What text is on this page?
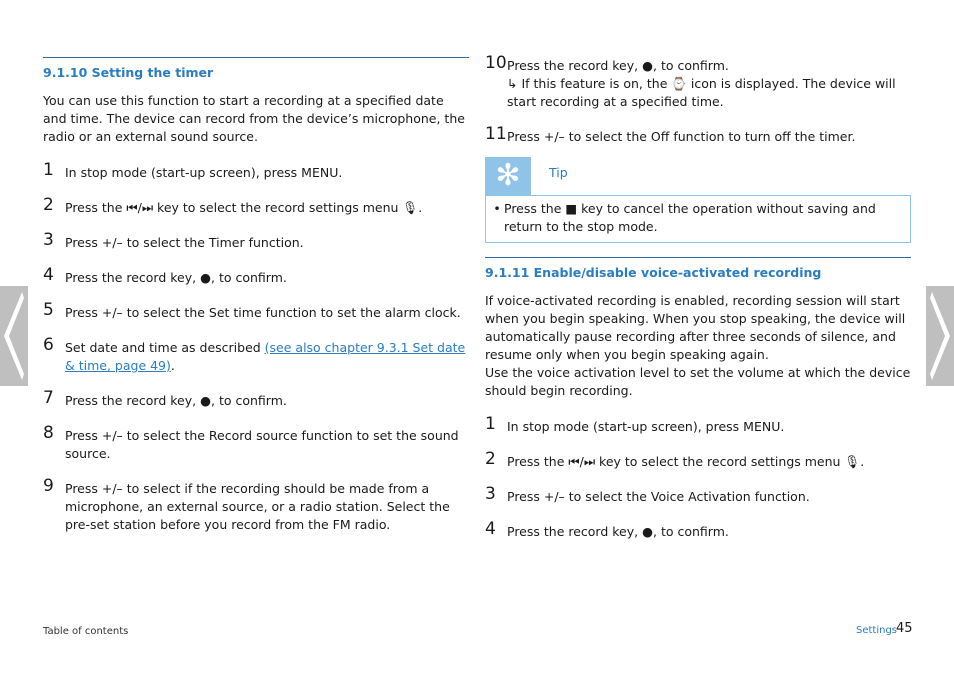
9.1.10 Setting the timer

You can use this function to start a recording at a specified date and time. The device can record from the device’s microphone, the radio or an external sound source.

1 In stop mode (start-up screen), press MENU.
2 Press the ⏮/⏭ key to select the record settings menu 🎙.
3 Press +/– to select the Timer function.
4 Press the record key, ●, to confirm.
5 Press +/– to select the Set time function to set the alarm clock.
6 Set date and time as described (see also chapter 9.3.1 Set date & time, page 49).
7 Press the record key, ●, to confirm.
8 Press +/– to select the Record source function to set the sound source.
9 Press +/– to select if the recording should be made from a microphone, an external source, or a radio station. Select the pre-set station before you record from the FM radio.
10 Press the record key, ●, to confirm.
↳ If this feature is on, the ⌚ icon is displayed. The device will start recording at a specified time.
11 Press +/– to select the Off function to turn off the timer.
✻	Tip
• Press the ■ key to cancel the operation without saving and return to the stop mode.
9.1.11 Enable/disable voice-activated recording

If voice-activated recording is enabled, recording session will start when you begin speaking. When you stop speaking, the device will automatically pause recording after three seconds of silence, and resume only when you begin speaking again.

Use the voice activation level to set the volume at which the device should begin recording.

1 In stop mode (start-up screen), press MENU.
2 Press the ⏮/⏭ key to select the record settings menu 🎙.
3 Press +/– to select the Voice Activation function.
4 Press the record key, ●, to confirm.
Table of contents	Settings
45
